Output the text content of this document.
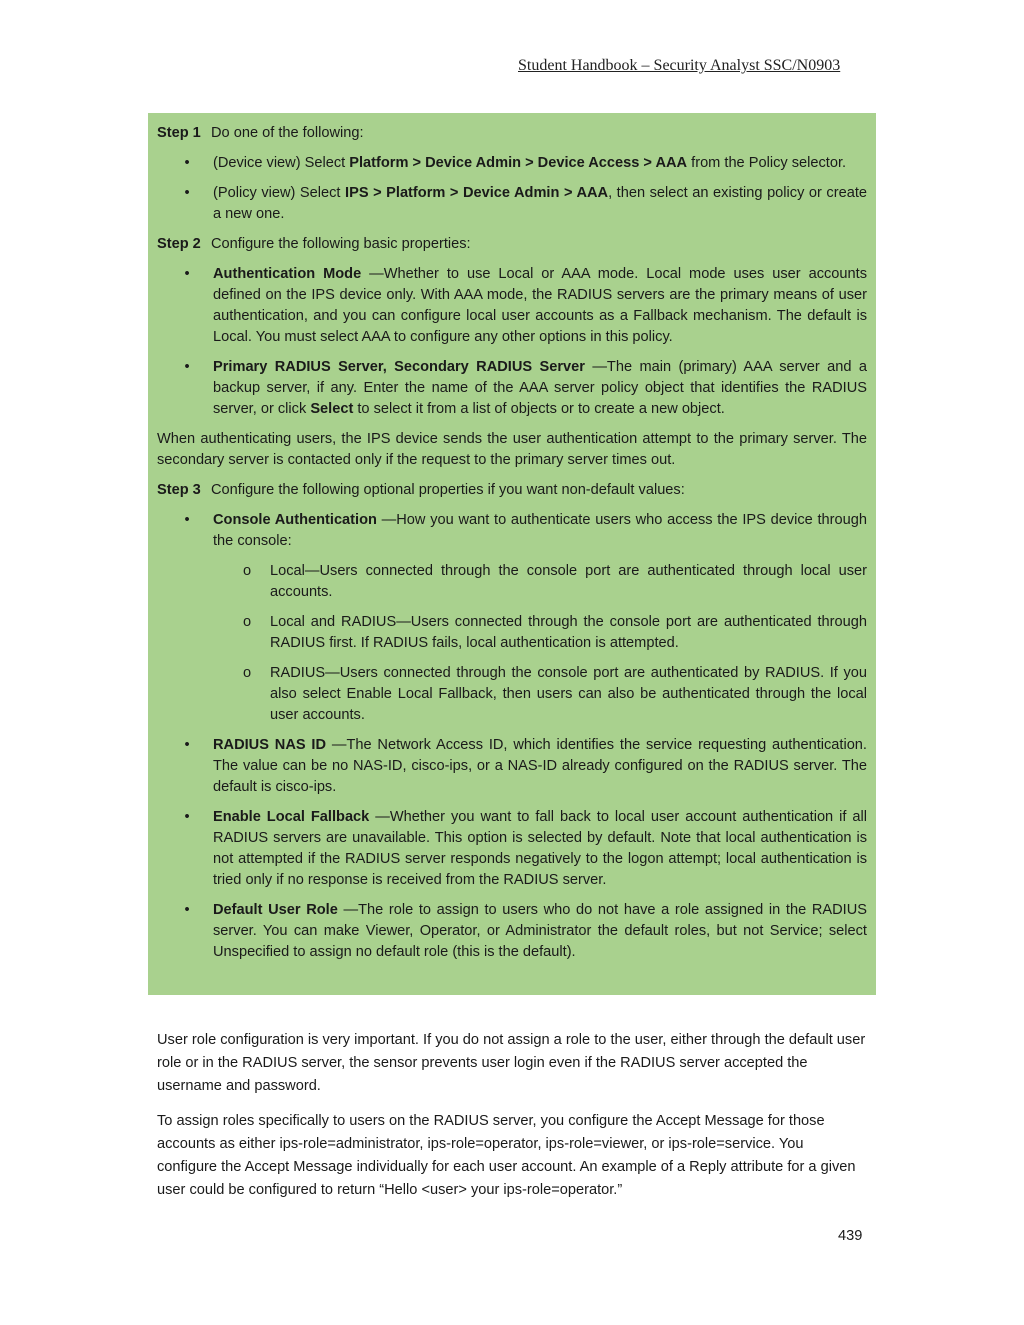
Student Handbook – Security Analyst SSC/N0903
Step 1 Do one of the following:
• (Device view) Select Platform > Device Admin > Device Access > AAA from the Policy selector.
• (Policy view) Select IPS > Platform > Device Admin > AAA, then select an existing policy or create a new one.
Step 2 Configure the following basic properties:
• Authentication Mode —Whether to use Local or AAA mode. Local mode uses user accounts defined on the IPS device only. With AAA mode, the RADIUS servers are the primary means of user authentication, and you can configure local user accounts as a Fallback mechanism. The default is Local. You must select AAA to configure any other options in this policy.
• Primary RADIUS Server, Secondary RADIUS Server —The main (primary) AAA server and a backup server, if any. Enter the name of the AAA server policy object that identifies the RADIUS server, or click Select to select it from a list of objects or to create a new object.

When authenticating users, the IPS device sends the user authentication attempt to the primary server. The secondary server is contacted only if the request to the primary server times out.

Step 3 Configure the following optional properties if you want non-default values:
• Console Authentication —How you want to authenticate users who access the IPS device through the console:
o Local—Users connected through the console port are authenticated through local user accounts.
o Local and RADIUS—Users connected through the console port are authenticated through RADIUS first. If RADIUS fails, local authentication is attempted.
o RADIUS—Users connected through the console port are authenticated by RADIUS. If you also select Enable Local Fallback, then users can also be authenticated through the local user accounts.
• RADIUS NAS ID —The Network Access ID, which identifies the service requesting authentication. The value can be no NAS-ID, cisco-ips, or a NAS-ID already configured on the RADIUS server. The default is cisco-ips.
• Enable Local Fallback —Whether you want to fall back to local user account authentication if all RADIUS servers are unavailable. This option is selected by default. Note that local authentication is not attempted if the RADIUS server responds negatively to the logon attempt; local authentication is tried only if no response is received from the RADIUS server.
• Default User Role —The role to assign to users who do not have a role assigned in the RADIUS server. You can make Viewer, Operator, or Administrator the default roles, but not Service; select Unspecified to assign no default role (this is the default).

User role configuration is very important. If you do not assign a role to the user, either through the default user role or in the RADIUS server, the sensor prevents user login even if the RADIUS server accepted the username and password.

To assign roles specifically to users on the RADIUS server, you configure the Accept Message for those accounts as either ips-role=administrator, ips-role=operator, ips-role=viewer, or ips-role=service. You configure the Accept Message individually for each user account. An example of a Reply attribute for a given user could be configured to return “Hello <user> your ips-role=operator.”

439
